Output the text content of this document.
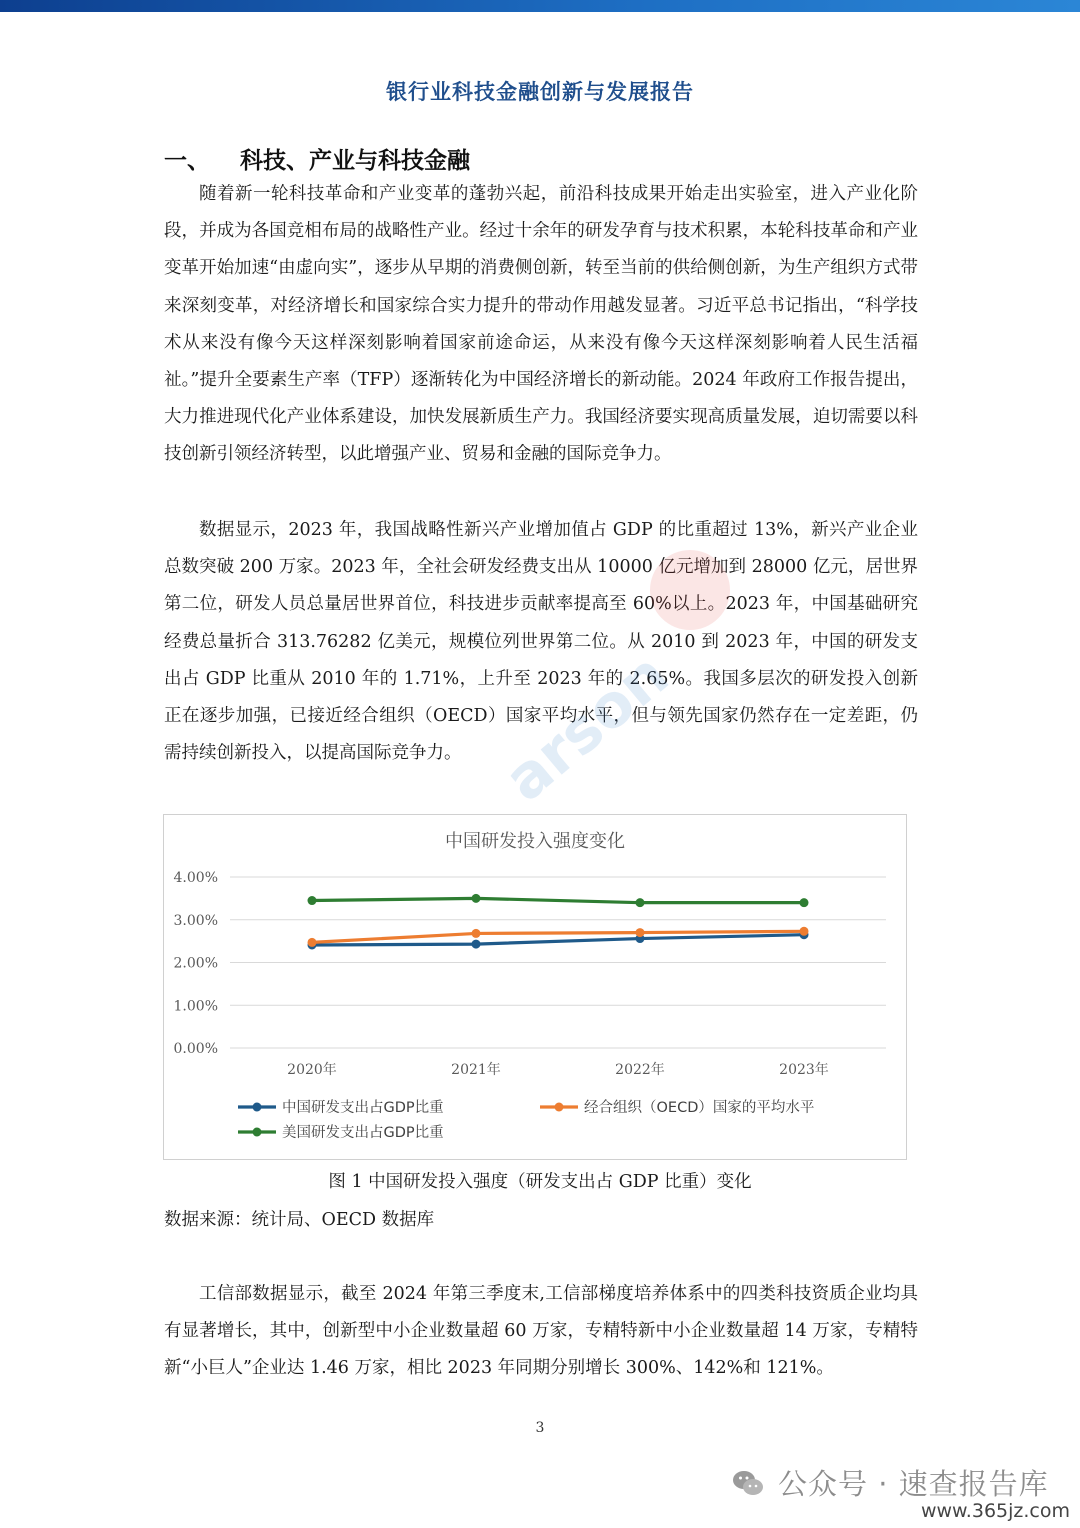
银行业科技金融创新与发展报告
一、 科技、产业与科技金融

随着新一轮科技革命和产业变革的蓬勃兴起，前沿科技成果开始走出实验室，进入产业化阶段，并成为各国竞相布局的战略性产业。经过十余年的研发孕育与技术积累，本轮科技革命和产业变革开始加速“由虚向实”，逐步从早期的消费侧创新，转至当前的供给侧创新，为生产组织方式带来深刻变革，对经济增长和国家综合实力提升的带动作用越发显著。习近平总书记指出，“科学技术从来没有像今天这样深刻影响着国家前途命运，从来没有像今天这样深刻影响着人民生活福祉。”提升全要素生产率（TFP）逐渐转化为中国经济增长的新动能。2024 年政府工作报告提出，大力推进现代化产业体系建设，加快发展新质生产力。我国经济要实现高质量发展，迫切需要以科技创新引领经济转型，以此增强产业、贸易和金融的国际竞争力。

数据显示，2023 年，我国战略性新兴产业增加值占 GDP 的比重超过 13%，新兴产业企业总数突破 200 万家。2023 年，全社会研发经费支出从 10000 亿元增加到 28000 亿元，居世界第二位，研发人员总量居世界首位，科技进步贡献率提高至 60%以上。2023 年，中国基础研究经费总量折合 313.76282 亿美元，规模位列世界第二位。从 2010 到 2023 年，中国的研发支出占 GDP 比重从 2010 年的 1.71%，上升至 2023 年的 2.65%。我国多层次的研发投入创新正在逐步加强，已接近经合组织（OECD）国家平均水平，但与领先国家仍然存在一定差距，仍需持续创新投入，以提高国际竞争力。 arson
中国研发投入强度变化
0.00%
1.00%
2.00%
3.00%
4.00%
2020年	2021年	2022年	2023年
中国研发支出占GDP比重	经合组织（OECD）国家的平均水平
美国研发支出占GDP比重
图 1 中国研发投入强度（研发支出占 GDP 比重）变化
数据来源：统计局、OECD 数据库

工信部数据显示，截至 2024 年第三季度末,工信部梯度培养体系中的四类科技资质企业均具有显著增长，其中，创新型中小企业数量超 60 万家，专精特新中小企业数量超 14 万家，专精特新“小巨人”企业达 1.46 万家，相比 2023 年同期分别增长 300%、142%和 121%。

3
公众号 · 速查报告库
www.365jz.com
